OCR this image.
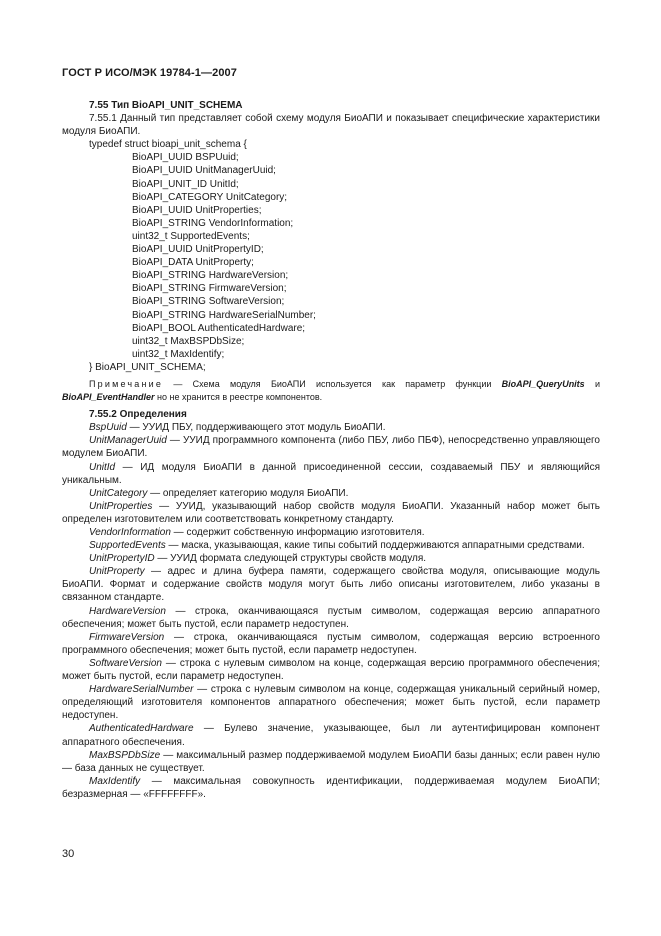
ГОСТ Р ИСО/МЭК 19784-1—2007
7.55 Тип BioAPI_UNIT_SCHEMA

7.55.1 Данный тип представляет собой схему модуля БиоАПИ и показывает специфические характеристики модуля БиоАПИ.

typedef struct bioapi_unit_schema {
BioAPI_UUID BSPUuid;
BioAPI_UUID UnitManagerUuid;
BioAPI_UNIT_ID UnitId;
BioAPI_CATEGORY UnitCategory;
BioAPI_UUID UnitProperties;
BioAPI_STRING VendorInformation;
uint32_t SupportedEvents;
BioAPI_UUID UnitPropertyID;
BioAPI_DATA UnitProperty;
BioAPI_STRING HardwareVersion;
BioAPI_STRING FirmwareVersion;
BioAPI_STRING SoftwareVersion;
BioAPI_STRING HardwareSerialNumber;
BioAPI_BOOL AuthenticatedHardware;
uint32_t MaxBSPDbSize;
uint32_t MaxIdentify;
} BioAPI_UNIT_SCHEMA;
Примечание — Схема модуля БиоАПИ используется как параметр функции BioAPI_QueryUnits и BioAPI_EventHandler но не хранится в реестре компонентов.
7.55.2 Определения

BspUuid — УУИД ПБУ, поддерживающего этот модуль БиоАПИ.

UnitManagerUuid — УУИД программного компонента (либо ПБУ, либо ПБФ), непосредственно управляющего модулем БиоАПИ.

UnitId — ИД модуля БиоАПИ в данной присоединенной сессии, создаваемый ПБУ и являющийся уникальным.

UnitCategory — определяет категорию модуля БиоАПИ.

UnitProperties — УУИД, указывающий набор свойств модуля БиоАПИ. Указанный набор может быть определен изготовителем или соответствовать конкретному стандарту.

VendorInformation — содержит собственную информацию изготовителя.

SupportedEvents — маска, указывающая, какие типы событий поддерживаются аппаратными средствами.

UnitPropertyID — УУИД формата следующей структуры свойств модуля.

UnitProperty — адрес и длина буфера памяти, содержащего свойства модуля, описывающие модуль БиоАПИ. Формат и содержание свойств модуля могут быть либо описаны изготовителем, либо указаны в связанном стандарте.

HardwareVersion — строка, оканчивающаяся пустым символом, содержащая версию аппаратного обеспечения; может быть пустой, если параметр недоступен.

FirmwareVersion — строка, оканчивающаяся пустым символом, содержащая версию встроенного программного обеспечения; может быть пустой, если параметр недоступен.

SoftwareVersion — строка с нулевым символом на конце, содержащая версию программного обеспечения; может быть пустой, если параметр недоступен.

HardwareSerialNumber — строка с нулевым символом на конце, содержащая уникальный серийный номер, определяющий изготовителя компонентов аппаратного обеспечения; может быть пустой, если параметр недоступен.

AuthenticatedHardware — Булево значение, указывающее, был ли аутентифицирован компонент аппаратного обеспечения.

MaxBSPDbSize — максимальный размер поддерживаемой модулем БиоАПИ базы данных; если равен нулю — база данных не существует.

MaxIdentify — максимальная совокупность идентификации, поддерживаемая модулем БиоАПИ; безразмерная — «FFFFFFFF».

30
